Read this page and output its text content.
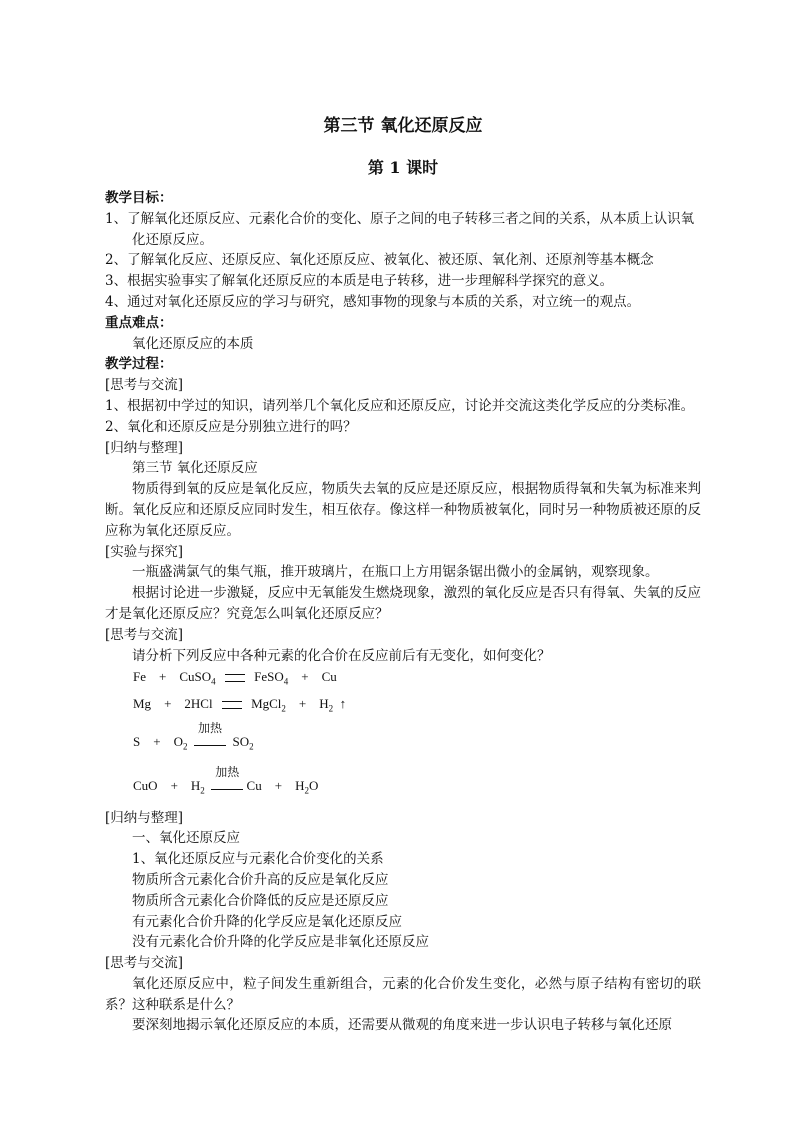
第三节 氧化还原反应

第 1 课时

教学目标：

1、了解氧化还原反应、元素化合价的变化、原子之间的电子转移三者之间的关系，从本质上认识氧化还原反应。

2、了解氧化反应、还原反应、氧化还原反应、被氧化、被还原、氧化剂、还原剂等基本概念

3、根据实验事实了解氧化还原反应的本质是电子转移，进一步理解科学探究的意义。

4、通过对氧化还原反应的学习与研究，感知事物的现象与本质的关系，对立统一的观点。

重点难点：

氧化还原反应的本质

教学过程：

[思考与交流]

1、根据初中学过的知识，请列举几个氧化反应和还原反应，讨论并交流这类化学反应的分类标准。

2、氧化和还原反应是分别独立进行的吗？

[归纳与整理]

第三节 氧化还原反应

物质得到氧的反应是氧化反应，物质失去氧的反应是还原反应，根据物质得氧和失氧为标准来判断。氧化反应和还原反应同时发生，相互依存。像这样一种物质被氧化，同时另一种物质被还原的反应称为氧化还原反应。

[实验与探究]

一瓶盛满氯气的集气瓶，推开玻璃片，在瓶口上方用锯条锯出微小的金属钠，观察现象。

根据讨论进一步激疑，反应中无氧能发生燃烧现象，激烈的氧化反应是否只有得氧、失氧的反应才是氧化还原反应？究竟怎么叫氧化还原反应？

[思考与交流]

请分析下列反应中各种元素的化合价在反应前后有无变化，如何变化？

Fe + CuSO$_4$	FeSO$_4$ + Cu
Mg + 2HCl	MgCl$_2$ + $H_2$ ↑
$S + O_2$
加热
$SO_2$
CuO + $H_2$
加热
$Cu + H_2O$

[归纳与整理]

一、氧化还原反应

1、氧化还原反应与元素化合价变化的关系

物质所含元素化合价升高的反应是氧化反应

物质所含元素化合价降低的反应是还原反应

有元素化合价升降的化学反应是氧化还原反应

没有元素化合价升降的化学反应是非氧化还原反应

[思考与交流]

氧化还原反应中，粒子间发生重新组合，元素的化合价发生变化，必然与原子结构有密切的联系？这种联系是什么？

要深刻地揭示氧化还原反应的本质，还需要从微观的角度来进一步认识电子转移与氧化还原
